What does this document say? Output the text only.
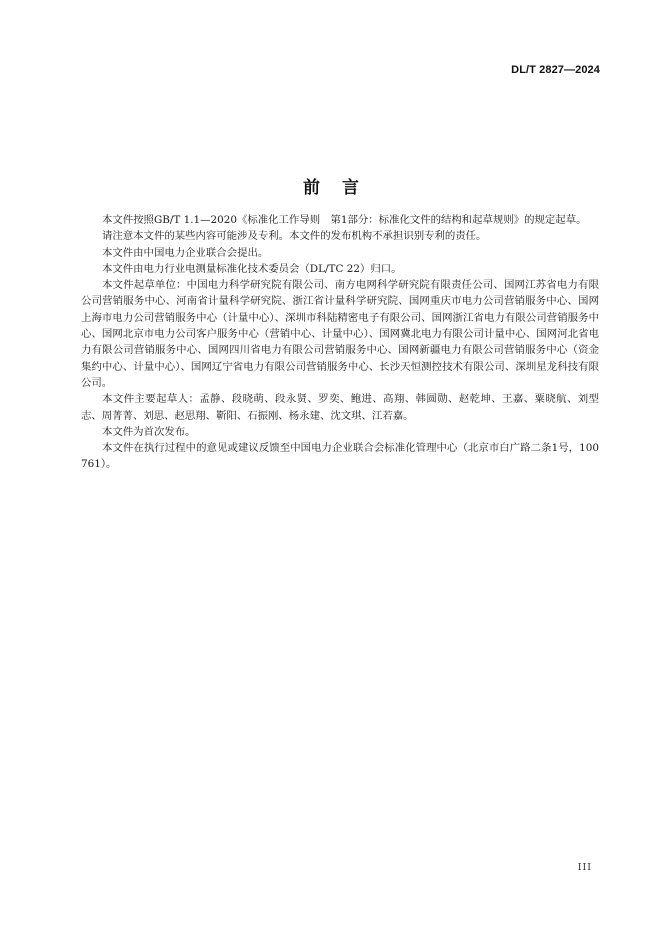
DL/T 2827—2024
前言

本文件按照GB/T 1.1—2020《标准化工作导则　第1部分：标准化文件的结构和起草规则》的规定起草。

请注意本文件的某些内容可能涉及专利。本文件的发布机构不承担识别专利的责任。

本文件由中国电力企业联合会提出。

本文件由电力行业电测量标准化技术委员会（DL/TC 22）归口。

本文件起草单位：中国电力科学研究院有限公司、南方电网科学研究院有限责任公司、国网江苏省电力有限公司营销服务中心、河南省计量科学研究院、浙江省计量科学研究院、国网重庆市电力公司营销服务中心、国网上海市电力公司营销服务中心（计量中心）、深圳市科陆精密电子有限公司、国网浙江省电力有限公司营销服务中心、国网北京市电力公司客户服务中心（营销中心、计量中心）、国网冀北电力有限公司计量中心、国网河北省电力有限公司营销服务中心、国网四川省电力有限公司营销服务中心、国网新疆电力有限公司营销服务中心（资金集约中心、计量中心）、国网辽宁省电力有限公司营销服务中心、长沙天恒测控技术有限公司、深圳星龙科技有限公司。

本文件主要起草人：孟静、段晓萌、段永贤、罗奕、鲍进、高翔、韩圆勋、赵乾坤、王嘉、粟晓航、刘型志、周菁菁、刘思、赵思翔、靳阳、石振刚、杨永建、沈文琪、江若嘉。

本文件为首次发布。

本文件在执行过程中的意见或建议反馈至中国电力企业联合会标准化管理中心（北京市白广路二条1号，100761）。

III
